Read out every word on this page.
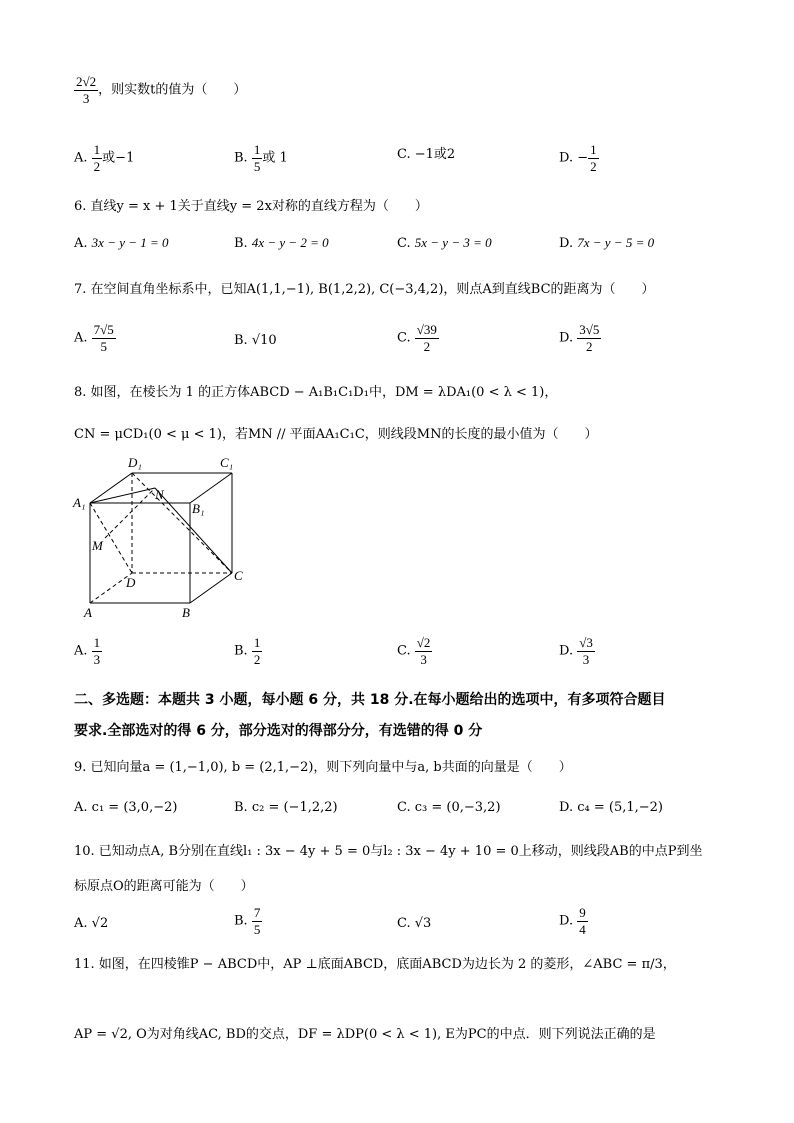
$\frac{2√2}{3}$ ，则实数t的值为（　　）
A. $\frac{1}{2}$ 或−1	B. $\frac{1}{5}$ 或 1	C. −1或2	D. − $\frac{1}{2}$
6. 直线y = x + 1关于直线y = 2x对称的直线方程为（　　）
A. 3x − y − 1 = 0	B. 4x − y − 2 = 0	C. 5x − y − 3 = 0	D. 7x − y − 5 = 0
7. 在空间直角坐标系中，已知A(1,1,−1), B(1,2,2), C(−3,4,2)，则点A到直线BC的距离为（　　）
A. $\frac{7√5}{5}$	B. √10	C. $\frac{√39}{2}$	D. $\frac{3√5}{2}$
8. 如图，在棱长为 1 的正方体ABCD − A₁B₁C₁D₁中，DM = λDA₁(0 < λ < 1)，
CN = μCD₁(0 < μ < 1)，若MN // 平面AA₁C₁C，则线段MN的长度的最小值为（　　）
D₁	C₁
A₁	B₁
N
M
D	C
A	B
A. $\frac{1}{3}$	B. $\frac{1}{2}$	C. $\frac{√2}{3}$	D. $\frac{√3}{3}$
二、多选题：本题共 3 小题，每小题 6 分，共 18 分.在每小题给出的选项中，有多项符合题目
要求.全部选对的得 6 分，部分选对的得部分分，有选错的得 0 分
9. 已知向量a = (1,−1,0), b = (2,1,−2)，则下列向量中与a, b共面的向量是（　　）
A. c₁ = (3,0,−2)	B. c₂ = (−1,2,2)	C. c₃ = (0,−3,2)	D. c₄ = (5,1,−2)
10. 已知动点A, B分别在直线l₁ : 3x − 4y + 5 = 0与l₂ : 3x − 4y + 10 = 0上移动，则线段AB的中点P到坐
标原点O的距离可能为（　　）
A. √2	B. $\frac{7}{5}$	C. √3	D. $\frac{9}{4}$
11. 如图，在四棱锥P − ABCD中，AP ⊥底面ABCD，底面ABCD为边长为 2 的菱形，∠ABC = π/3，
AP = √2, O为对角线AC, BD的交点，DF = λDP(0 < λ < 1), E为PC的中点．则下列说法正确的是
